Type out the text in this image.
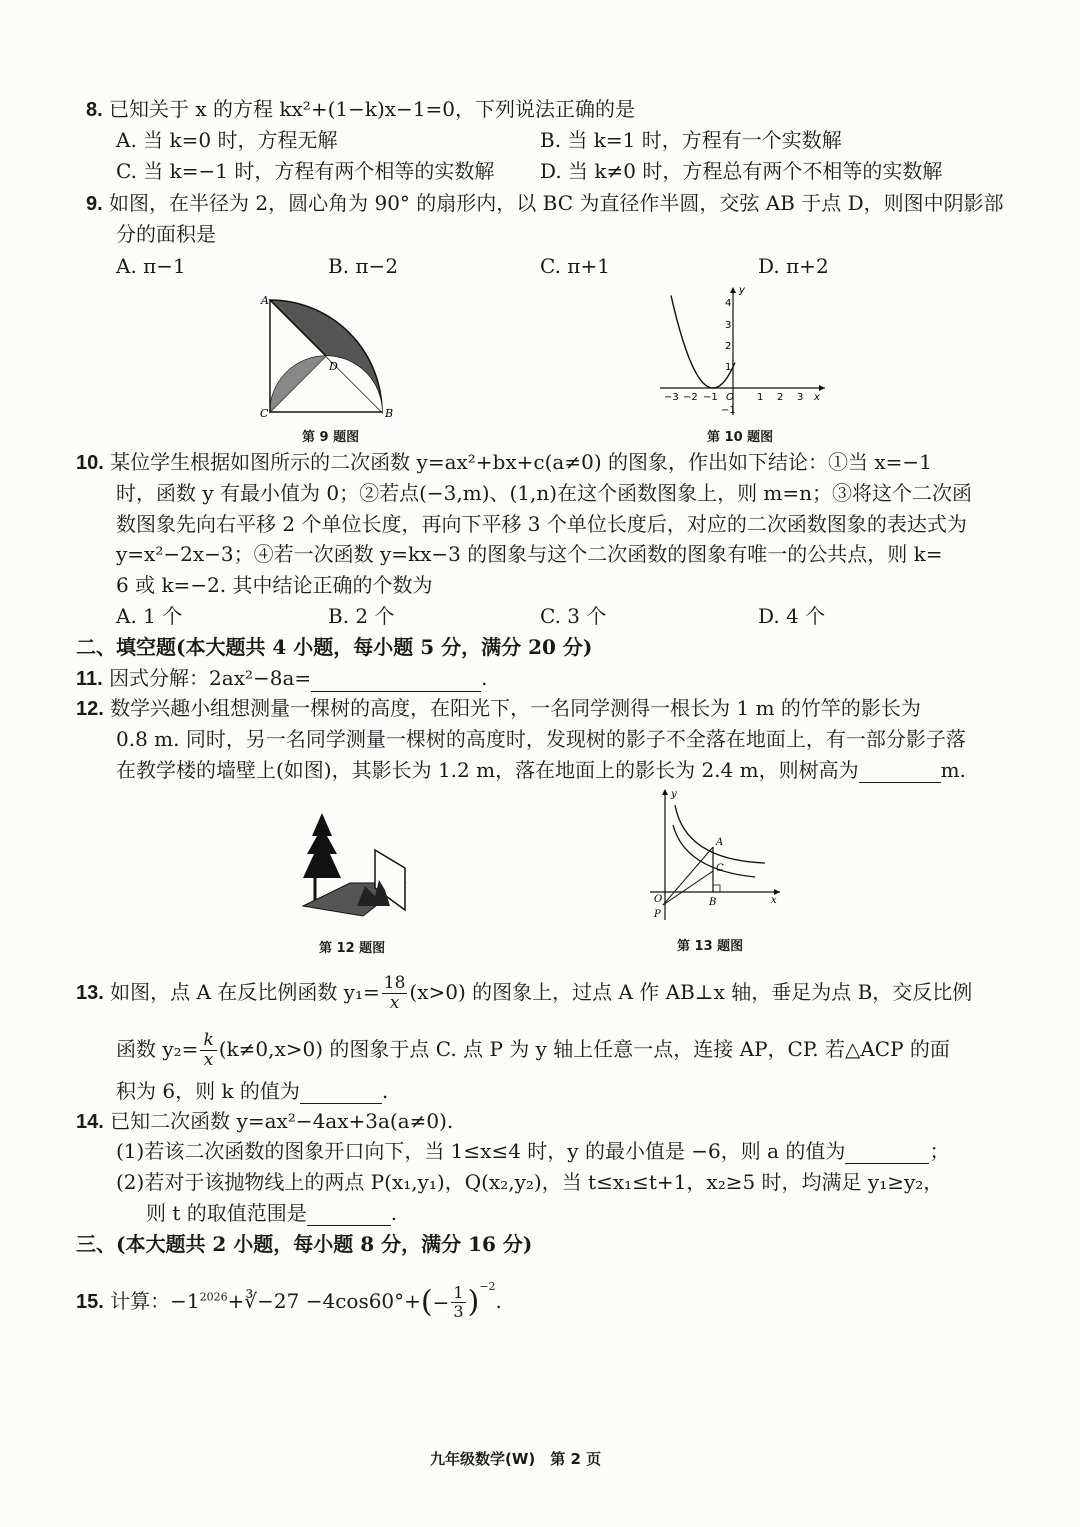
8. 已知关于 x 的方程 kx²+(1−k)x−1=0，下列说法正确的是
A. 当 k=0 时，方程无解	B. 当 k=1 时，方程有一个实数解
C. 当 k=−1 时，方程有两个相等的实数解 D. 当 k≠0 时，方程总有两个不相等的实数解
9. 如图，在半径为 2，圆心角为 90° 的扇形内，以 BC 为直径作半圆，交弦 AB 于点 D，则图中阴影部
分的面积是
A. π−1	B. π−2	C. π+1	D. π+2
A
C	B
D
第 9 题图
−3 −2 −1 O 1 2 3 x
4
3
2
1
−1
y
第 10 题图
10. 某位学生根据如图所示的二次函数 y=ax²+bx+c(a≠0) 的图象，作出如下结论：①当 x=−1
时，函数 y 有最小值为 0；②若点(−3,m)、(1,n)在这个函数图象上，则 m=n；③将这个二次函
数图象先向右平移 2 个单位长度，再向下平移 3 个单位长度后，对应的二次函数图象的表达式为
y=x²−2x−3；④若一次函数 y=kx−3 的图象与这个二次函数的图象有唯一的公共点，则 k=
6 或 k=−2. 其中结论正确的个数为
A. 1 个	B. 2 个	C. 3 个	D. 4 个
二、填空题(本大题共 4 小题，每小题 5 分，满分 20 分)
11. 因式分解：2ax²−8a=	.
12. 数学兴趣小组想测量一棵树的高度，在阳光下，一名同学测得一根长为 1 m 的竹竿的影长为
0.8 m. 同时，另一名同学测量一棵树的高度时，发现树的影子不全落在地面上，有一部分影子落
在教学楼的墙壁上(如图)，其影长为 1.2 m，落在地面上的影长为 2.4 m，则树高为	m.
第 12 题图
y
A
C
O	B	x
P
第 13 题图
13. 如图，点 A 在反比例函数 $y_1= \frac{18}{x} (x>0)$ 的图象上，过点 A 作 AB⊥x 轴，垂足为点 B，交反比例
函数 $y_2= \frac{k}{x} (k\ne 0,x>0)$ 的图象于点 C. 点 P 为 y 轴上任意一点，连接 AP，CP. 若△ACP 的面
积为 6，则 k 的值为	.
14. 已知二次函数 y=ax²−4ax+3a(a≠0).
(1)若该二次函数的图象开口向下，当 1≤x≤4 时，y 的最小值是 −6，则 a 的值为	；
(2)若对于该抛物线上的两点 P(x₁,y₁)，Q(x₂,y₂)，当 t≤x₁≤t+1，x₂≥5 时，均满足 y₁≥y₂，
则 t 的取值范围是	.
三、(本大题共 2 小题，每小题 8 分，满分 16 分)
15. 计算：$-1^{2026}+∛-27 -4\cos 60^\circ+(- \frac{1}{3} )^{-2}$.
九年级数学(W)　第 2 页
